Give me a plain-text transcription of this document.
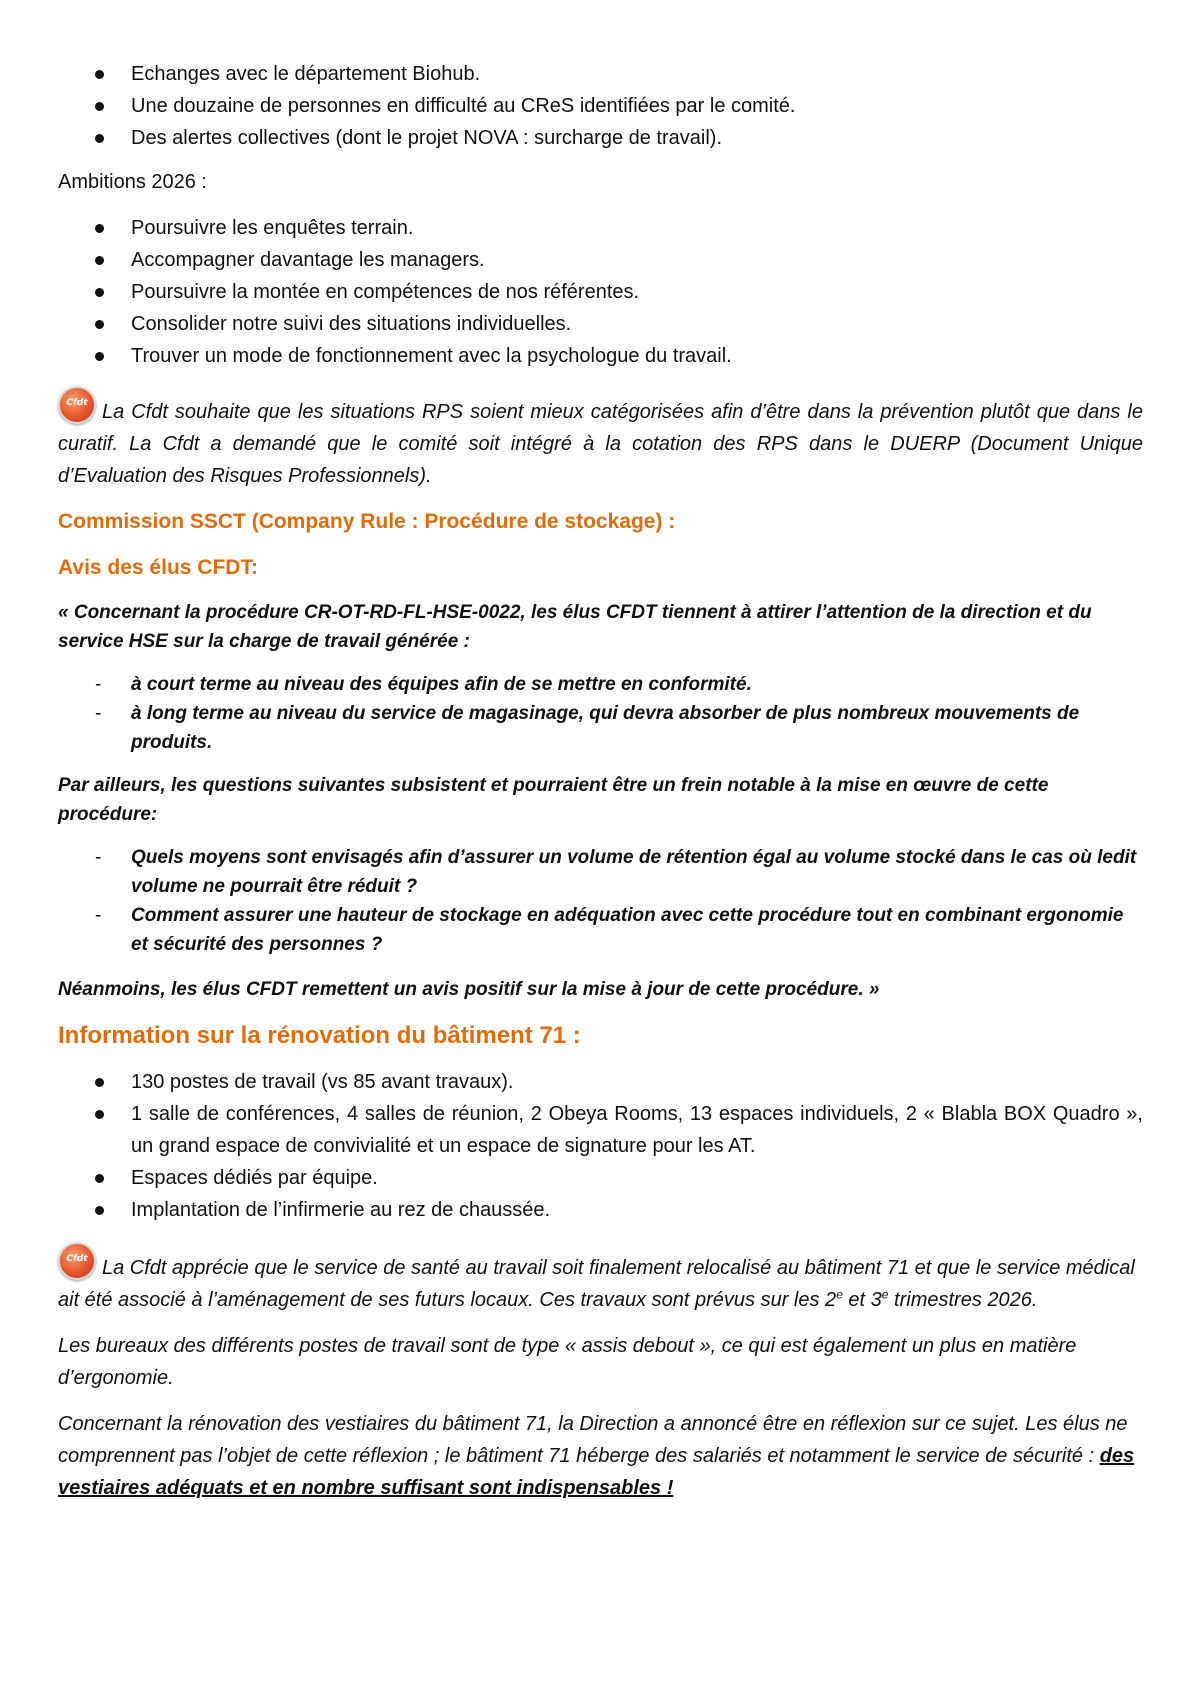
Echanges avec le département Biohub.
Une douzaine de personnes en difficulté au CReS identifiées par le comité.
Des alertes collectives (dont le projet NOVA : surcharge de travail).

Ambitions 2026 :

Poursuivre les enquêtes terrain.
Accompagner davantage les managers.
Poursuivre la montée en compétences de nos référentes.
Consolider notre suivi des situations individuelles.
Trouver un mode de fonctionnement avec la psychologue du travail.

Cfdt La Cfdt souhaite que les situations RPS soient mieux catégorisées afin d’être dans la prévention plutôt que dans le curatif. La Cfdt a demandé que le comité soit intégré à la cotation des RPS dans le DUERP (Document Unique d’Evaluation des Risques Professionnels).

Commission SSCT (Company Rule : Procédure de stockage) :

Avis des élus CFDT:

« Concernant la procédure CR-OT-RD-FL-HSE-0022, les élus CFDT tiennent à attirer l’attention de la direction et du service HSE sur la charge de travail générée :

- à court terme au niveau des équipes afin de se mettre en conformité.
- à long terme au niveau du service de magasinage, qui devra absorber de plus nombreux mouvements de produits.

Par ailleurs, les questions suivantes subsistent et pourraient être un frein notable à la mise en œuvre de cette procédure:

- Quels moyens sont envisagés afin d’assurer un volume de rétention égal au volume stocké dans le cas où ledit volume ne pourrait être réduit ?
- Comment assurer une hauteur de stockage en adéquation avec cette procédure tout en combinant ergonomie et sécurité des personnes ?

Néanmoins, les élus CFDT remettent un avis positif sur la mise à jour de cette procédure. »

Information sur la rénovation du bâtiment 71 :

130 postes de travail (vs 85 avant travaux).
1 salle de conférences, 4 salles de réunion, 2 Obeya Rooms, 13 espaces individuels, 2 « Blabla BOX Quadro », un grand espace de convivialité et un espace de signature pour les AT.
Espaces dédiés par équipe.
Implantation de l’infirmerie au rez de chaussée.

Cfdt La Cfdt apprécie que le service de santé au travail soit finalement relocalisé au bâtiment 71 et que le service médical ait été associé à l’aménagement de ses futurs locaux. Ces travaux sont prévus sur les 2e et 3e trimestres 2026.

Les bureaux des différents postes de travail sont de type « assis debout », ce qui est également un plus en matière d’ergonomie.

Concernant la rénovation des vestiaires du bâtiment 71, la Direction a annoncé être en réflexion sur ce sujet. Les élus ne comprennent pas l’objet de cette réflexion ; le bâtiment 71 héberge des salariés et notamment le service de sécurité : des vestiaires adéquats et en nombre suffisant sont indispensables !
